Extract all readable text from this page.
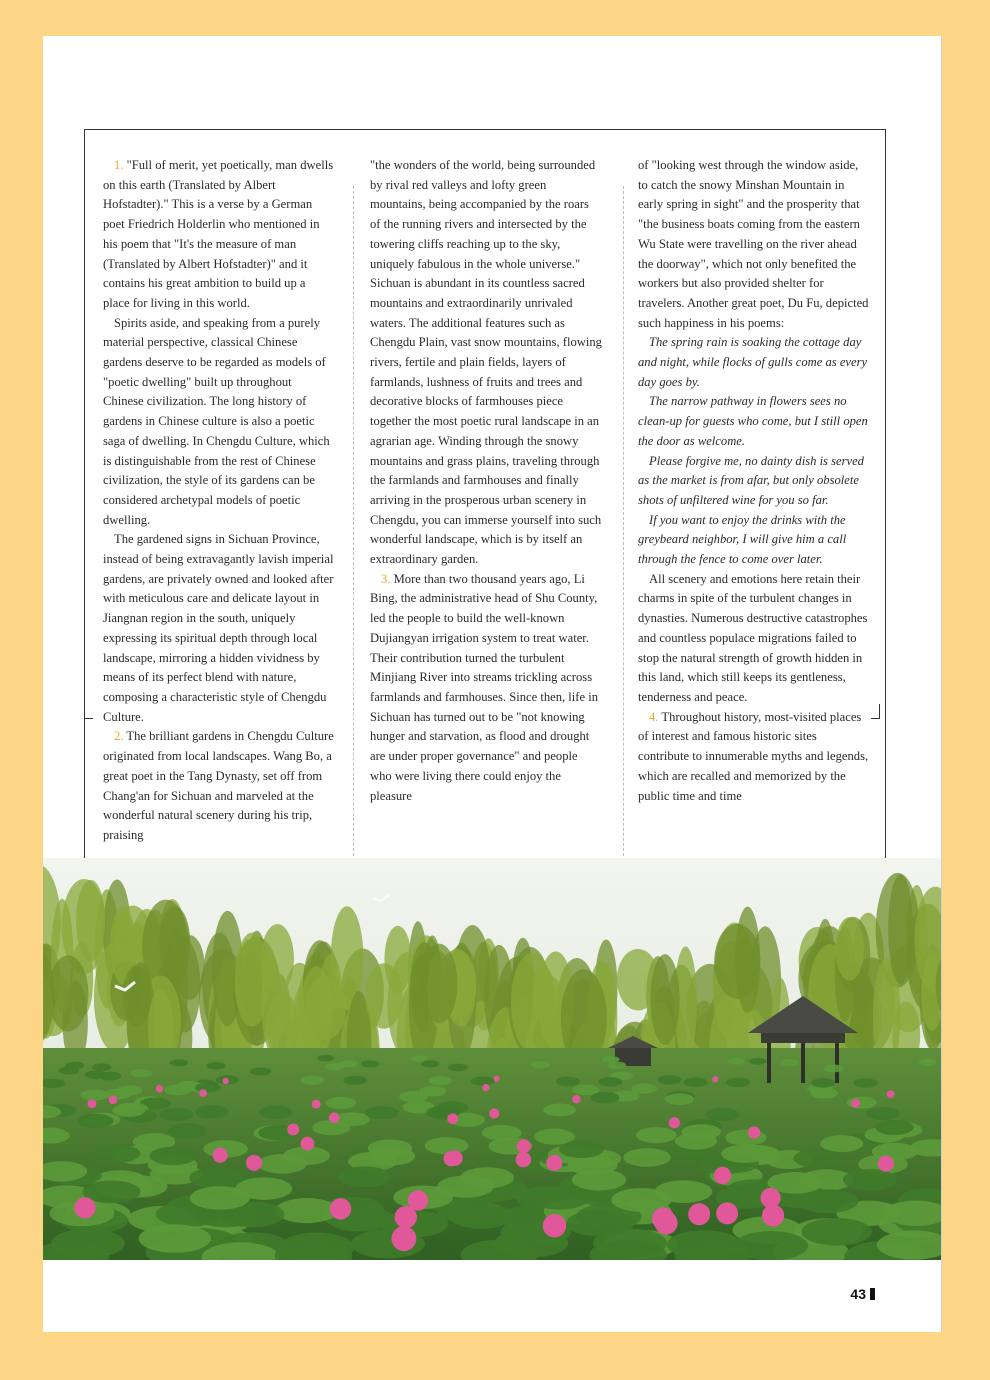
1. "Full of merit, yet poetically, man dwells on this earth (Translated by Albert Hofstadter)." This is a verse by a German poet Friedrich Holderlin who mentioned in his poem that "It's the measure of man (Translated by Albert Hofstadter)" and it contains his great ambition to build up a place for living in this world.

Spirits aside, and speaking from a purely material perspective, classical Chinese gardens deserve to be regarded as models of "poetic dwelling" built up throughout Chinese civilization. The long history of gardens in Chinese culture is also a poetic saga of dwelling. In Chengdu Culture, which is distinguishable from the rest of Chinese civilization, the style of its gardens can be considered archetypal models of poetic dwelling.

The gardened signs in Sichuan Province, instead of being extravagantly lavish imperial gardens, are privately owned and looked after with meticulous care and delicate layout in Jiangnan region in the south, uniquely expressing its spiritual depth through local landscape, mirroring a hidden vividness by means of its perfect blend with nature, composing a characteristic style of Chengdu Culture.

2. The brilliant gardens in Chengdu Culture originated from local landscapes. Wang Bo, a great poet in the Tang Dynasty, set off from Chang'an for Sichuan and marveled at the wonderful natural scenery during his trip, praising

"the wonders of the world, being surrounded by rival red valleys and lofty green mountains, being accompanied by the roars of the running rivers and intersected by the towering cliffs reaching up to the sky, uniquely fabulous in the whole universe." Sichuan is abundant in its countless sacred mountains and extraordinarily unrivaled waters. The additional features such as Chengdu Plain, vast snow mountains, flowing rivers, fertile and plain fields, layers of farmlands, lushness of fruits and trees and decorative blocks of farmhouses piece together the most poetic rural landscape in an agrarian age. Winding through the snowy mountains and grass plains, traveling through the farmlands and farmhouses and finally arriving in the prosperous urban scenery in Chengdu, you can immerse yourself into such wonderful landscape, which is by itself an extraordinary garden.

3. More than two thousand years ago, Li Bing, the administrative head of Shu County, led the people to build the well-known Dujiangyan irrigation system to treat water. Their contribution turned the turbulent Minjiang River into streams trickling across farmlands and farmhouses. Since then, life in Sichuan has turned out to be "not knowing hunger and starvation, as flood and drought are under proper governance" and people who were living there could enjoy the pleasure

of "looking west through the window aside, to catch the snowy Minshan Mountain in early spring in sight" and the prosperity that "the business boats coming from the eastern Wu State were travelling on the river ahead the doorway", which not only benefited the workers but also provided shelter for travelers. Another great poet, Du Fu, depicted such happiness in his poems:

The spring rain is soaking the cottage day and night, while flocks of gulls come as every day goes by.

The narrow pathway in flowers sees no clean-up for guests who come, but I still open the door as welcome.

Please forgive me, no dainty dish is served as the market is from afar, but only obsolete shots of unfiltered wine for you so far.

If you want to enjoy the drinks with the greybeard neighbor, I will give him a call through the fence to come over later.

All scenery and emotions here retain their charms in spite of the turbulent changes in dynasties. Numerous destructive catastrophes and countless populace migrations failed to stop the natural strength of growth hidden in this land, which still keeps its gentleness, tenderness and peace.

4. Throughout history, most-visited places of interest and famous historic sites contribute to innumerable myths and legends, which are recalled and memorized by the public time and time

43
